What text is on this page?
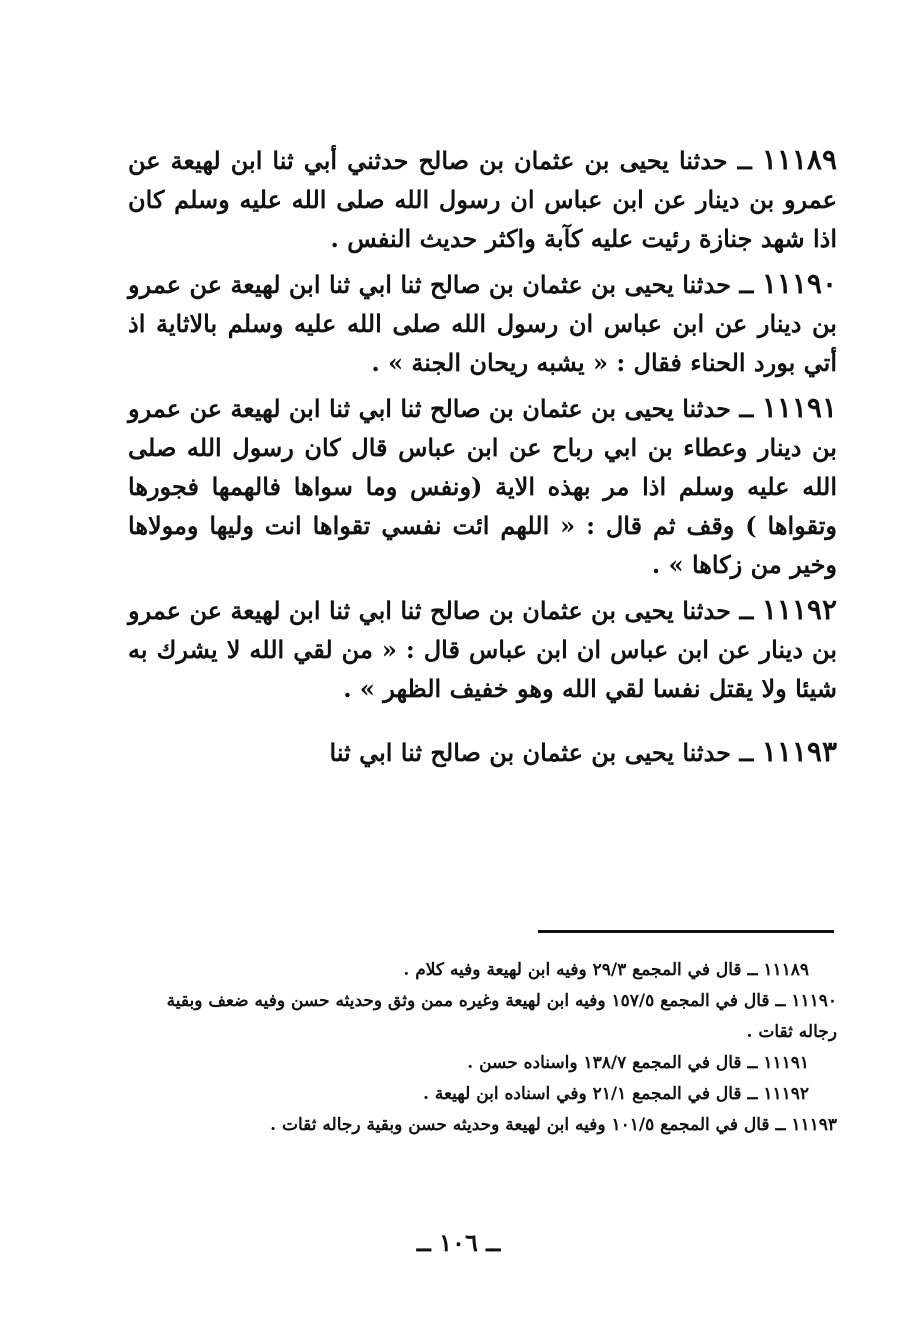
١١١٨٩ ــ حدثنا يحيى بن عثمان بن صالح حدثني أبي ثنا ابن لهيعة عن عمرو بن دينار عن ابن عباس ان رسول الله صلى الله عليه وسلم كان اذا شهد جنازة رئيت عليه كآبة واكثر حديث النفس .

١١١٩٠ ــ حدثنا يحيى بن عثمان بن صالح ثنا ابي ثنا ابن لهيعة عن عمرو بن دينار عن ابن عباس ان رسول الله صلى الله عليه وسلم بالاثاية اذ أتي بورد الحناء فقال : « يشبه ريحان الجنة » .

١١١٩١ ــ حدثنا يحيى بن عثمان بن صالح ثنا ابي ثنا ابن لهيعة عن عمرو بن دينار وعطاء بن ابي رباح عن ابن عباس قال كان رسول الله صلى الله عليه وسلم اذا مر بهذه الاية (ونفس وما سواها فالهمها فجورها وتقواها ) وقف ثم قال : « اللهم ائت نفسي تقواها انت وليها ومولاها وخير من زكاها » .

١١١٩٢ ــ حدثنا يحيى بن عثمان بن صالح ثنا ابي ثنا ابن لهيعة عن عمرو بن دينار عن ابن عباس ان ابن عباس قال : « من لقي الله لا يشرك به شيئا ولا يقتل نفسا لقي الله وهو خفيف الظهر » .

١١١٩٣ ــ حدثنا يحيى بن عثمان بن صالح ثنا ابي ثنا

١١١٨٩ ــ قال في المجمع ٢٩/٣ وفيه ابن لهيعة وفيه كلام .

١١١٩٠ ــ قال في المجمع ١٥٧/٥ وفيه ابن لهيعة وغيره ممن وثق وحديثه حسن وفيه ضعف وبقية رجاله ثقات .

١١١٩١ ــ قال في المجمع ١٣٨/٧ واسناده حسن .

١١١٩٢ ــ قال في المجمع ٢١/١ وفي اسناده ابن لهيعة .

١١١٩٣ ــ قال في المجمع ١٠١/٥ وفيه ابن لهيعة وحديثه حسن وبقية رجاله ثقات .

ــ ١٠٦ ــ
